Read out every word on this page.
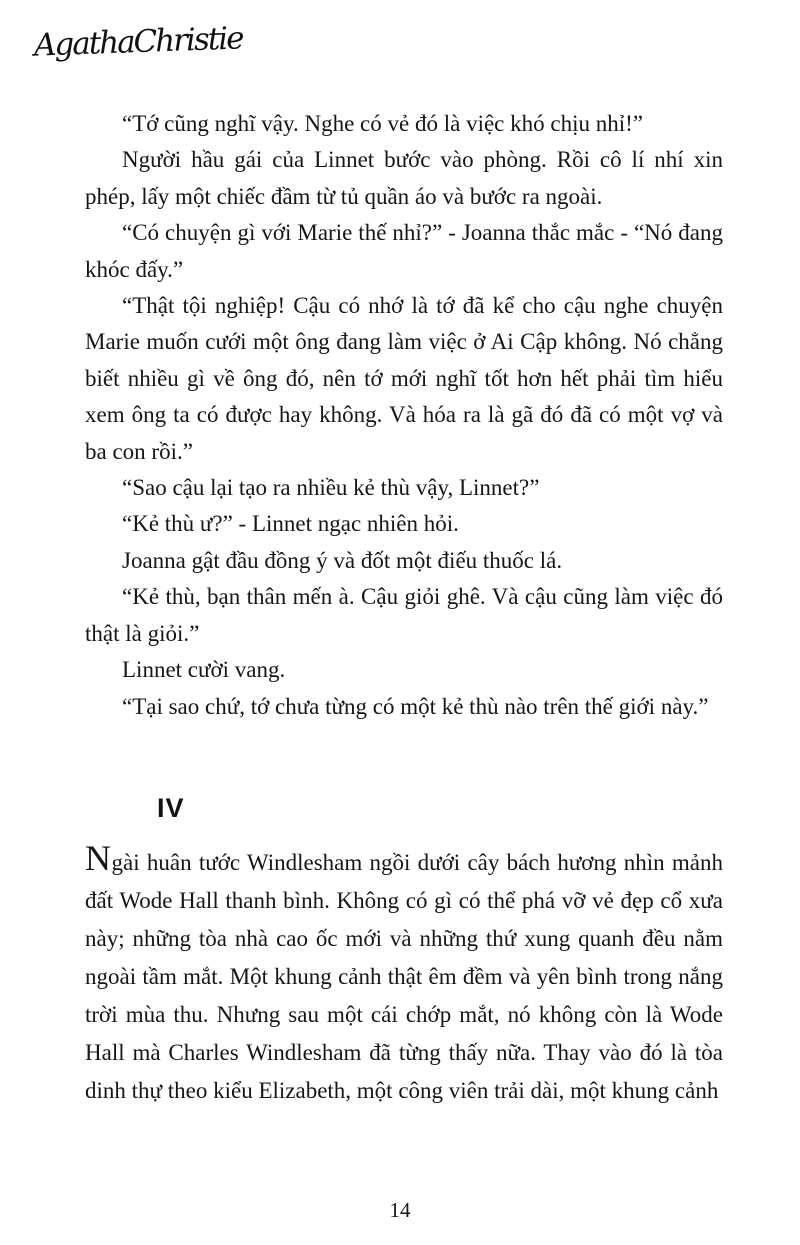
Agatha Christie

“Tớ cũng nghĩ vậy. Nghe có vẻ đó là việc khó chịu nhỉ!”

Người hầu gái của Linnet bước vào phòng. Rồi cô lí nhí xin phép, lấy một chiếc đầm từ tủ quần áo và bước ra ngoài.

“Có chuyện gì với Marie thế nhỉ?” - Joanna thắc mắc - “Nó đang khóc đấy.”

“Thật tội nghiệp! Cậu có nhớ là tớ đã kể cho cậu nghe chuyện Marie muốn cưới một ông đang làm việc ở Ai Cập không. Nó chẳng biết nhiều gì về ông đó, nên tớ mới nghĩ tốt hơn hết phải tìm hiểu xem ông ta có được hay không. Và hóa ra là gã đó đã có một vợ và ba con rồi.”

“Sao cậu lại tạo ra nhiều kẻ thù vậy, Linnet?”

“Kẻ thù ư?” - Linnet ngạc nhiên hỏi.

Joanna gật đầu đồng ý và đốt một điếu thuốc lá.

“Kẻ thù, bạn thân mến à. Cậu giỏi ghê. Và cậu cũng làm việc đó thật là giỏi.”

Linnet cười vang.

“Tại sao chứ, tớ chưa từng có một kẻ thù nào trên thế giới này.”

IV

Ngài huân tước Windlesham ngồi dưới cây bách hương nhìn mảnh đất Wode Hall thanh bình. Không có gì có thể phá vỡ vẻ đẹp cổ xưa này; những tòa nhà cao ốc mới và những thứ xung quanh đều nằm ngoài tầm mắt. Một khung cảnh thật êm đềm và yên bình trong nắng trời mùa thu. Nhưng sau một cái chớp mắt, nó không còn là Wode Hall mà Charles Windlesham đã từng thấy nữa. Thay vào đó là tòa dinh thự theo kiểu Elizabeth, một công viên trải dài, một khung cảnh

14
